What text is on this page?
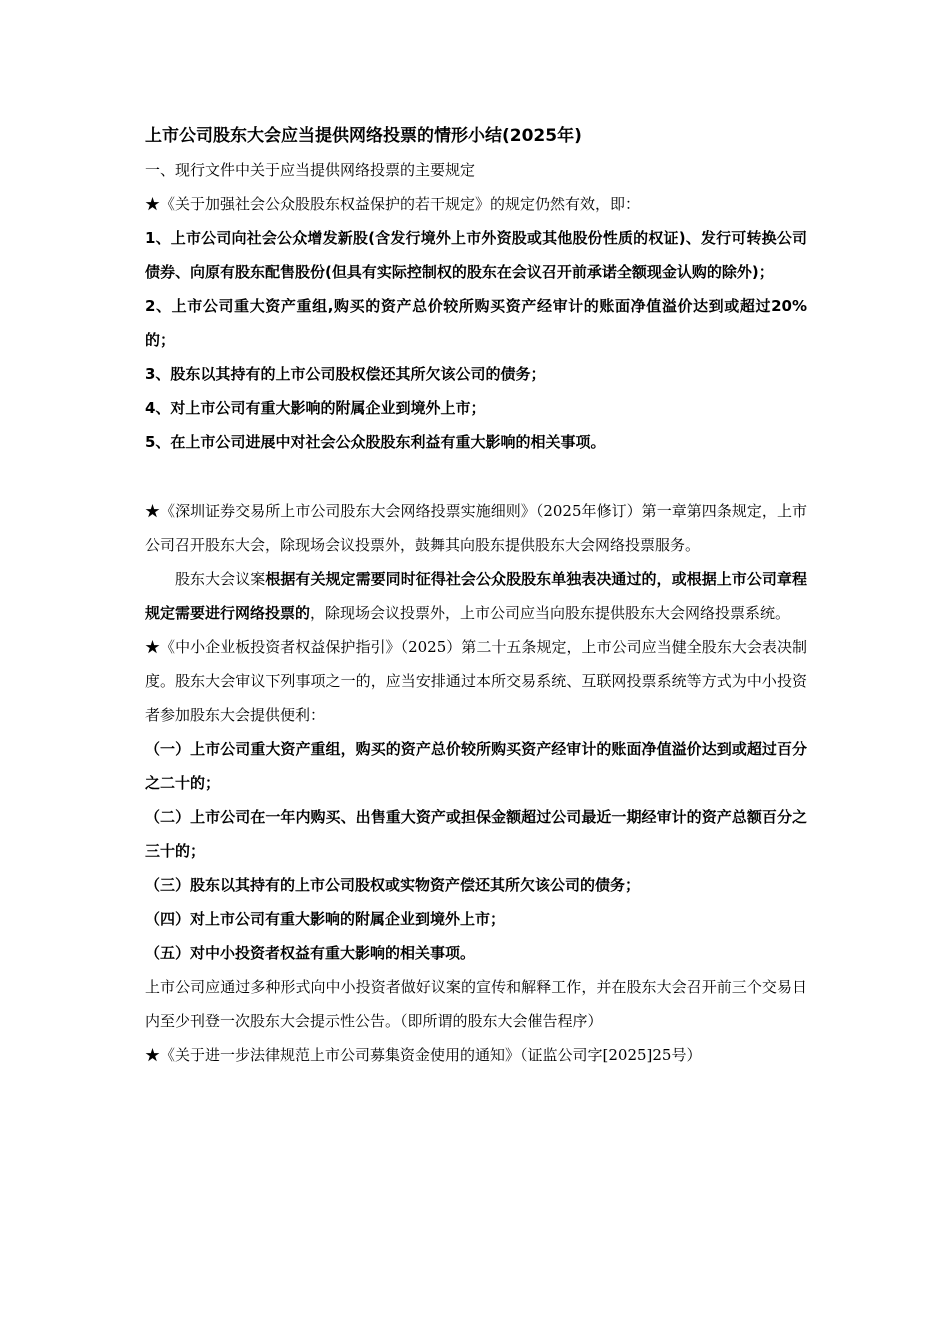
上市公司股东大会应当提供网络投票的情形小结(2025年)

一、现行文件中关于应当提供网络投票的主要规定

★《关于加强社会公众股股东权益保护的若干规定》的规定仍然有效，即：

1、上市公司向社会公众增发新股(含发行境外上市外资股或其他股份性质的权证)、发行可转换公司债券、向原有股东配售股份(但具有实际控制权的股东在会议召开前承诺全额现金认购的除外)；

2、上市公司重大资产重组,购买的资产总价较所购买资产经审计的账面净值溢价达到或超过20%的；

3、股东以其持有的上市公司股权偿还其所欠该公司的债务；

4、对上市公司有重大影响的附属企业到境外上市；

5、在上市公司进展中对社会公众股股东利益有重大影响的相关事项。

★《深圳证券交易所上市公司股东大会网络投票实施细则》（2025年修订）第一章第四条规定，上市公司召开股东大会，除现场会议投票外，鼓舞其向股东提供股东大会网络投票服务。

股东大会议案根据有关规定需要同时征得社会公众股股东单独表决通过的，或根据上市公司章程规定需要进行网络投票的，除现场会议投票外，上市公司应当向股东提供股东大会网络投票系统。

★《中小企业板投资者权益保护指引》（2025）第二十五条规定，上市公司应当健全股东大会表决制度。股东大会审议下列事项之一的，应当安排通过本所交易系统、互联网投票系统等方式为中小投资者参加股东大会提供便利：

（一）上市公司重大资产重组，购买的资产总价较所购买资产经审计的账面净值溢价达到或超过百分之二十的；

（二）上市公司在一年内购买、出售重大资产或担保金额超过公司最近一期经审计的资产总额百分之三十的；

（三）股东以其持有的上市公司股权或实物资产偿还其所欠该公司的债务；

（四）对上市公司有重大影响的附属企业到境外上市；

（五）对中小投资者权益有重大影响的相关事项。

上市公司应通过多种形式向中小投资者做好议案的宣传和解释工作，并在股东大会召开前三个交易日内至少刊登一次股东大会提示性公告。（即所谓的股东大会催告程序）

★《关于进一步法律规范上市公司募集资金使用的通知》（证监公司字[2025]25号）
